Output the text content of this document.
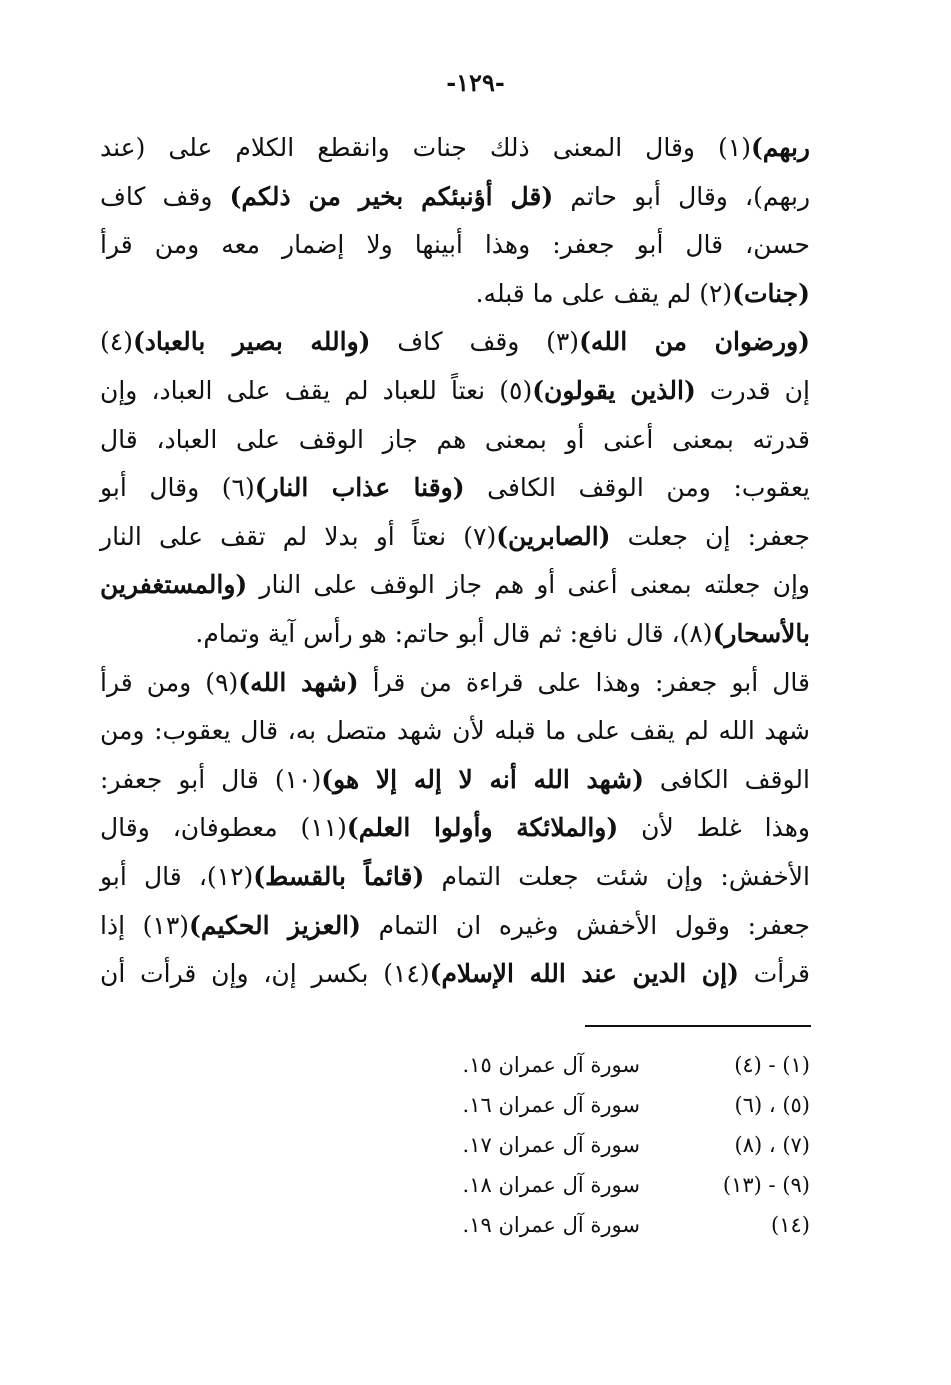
-١٢٩-
ربهم)(١) وقال المعنى ذلك جنات وانقطع الكلام على (عند
ربهم)، وقال أبو حاتم (قل أؤنبئكم بخير من ذلكم) وقف كاف
حسن، قال أبو جعفر: وهذا أبينها ولا إضمار معه ومن قرأ
(جنات)(٢) لم يقف على ما قبله.
(ورضوان من الله)(٣) وقف كاف (والله بصير بالعباد)(٤)
إن قدرت (الذين يقولون)(٥) نعتاً للعباد لم يقف على العباد، وإن
قدرته بمعنى أعنى أو بمعنى هم جاز الوقف على العباد، قال
يعقوب: ومن الوقف الكافى (وقنا عذاب النار)(٦) وقال أبو
جعفر: إن جعلت (الصابرين)(٧) نعتاً أو بدلا لم تقف على النار
وإن جعلته بمعنى أعنى أو هم جاز الوقف على النار (والمستغفرين
بالأسحار)(٨)، قال نافع: ثم قال أبو حاتم: هو رأس آية وتمام.
قال أبو جعفر: وهذا على قراءة من قرأ (شهد الله)(٩) ومن قرأ
شهد الله لم يقف على ما قبله لأن شهد متصل به، قال يعقوب: ومن
الوقف الكافى (شهد الله أنه لا إله إلا هو)(١٠) قال أبو جعفر:
وهذا غلط لأن (والملائكة وأولوا العلم)(١١) معطوفان، وقال
الأخفش: وإن شئت جعلت التمام (قائماً بالقسط)(١٢)، قال أبو
جعفر: وقول الأخفش وغيره ان التمام (العزيز الحكيم)(١٣) إذا
قرأت (إن الدين عند الله الإسلام)(١٤) بكسر إن، وإن قرأت أن
(١) - (٤)
سورة آل عمران ١٥.
(٥) ، (٦)
سورة آل عمران ١٦.
(٧) ، (٨)
سورة آل عمران ١٧.
(٩) - (١٣)
سورة آل عمران ١٨.
(١٤)
سورة آل عمران ١٩.
